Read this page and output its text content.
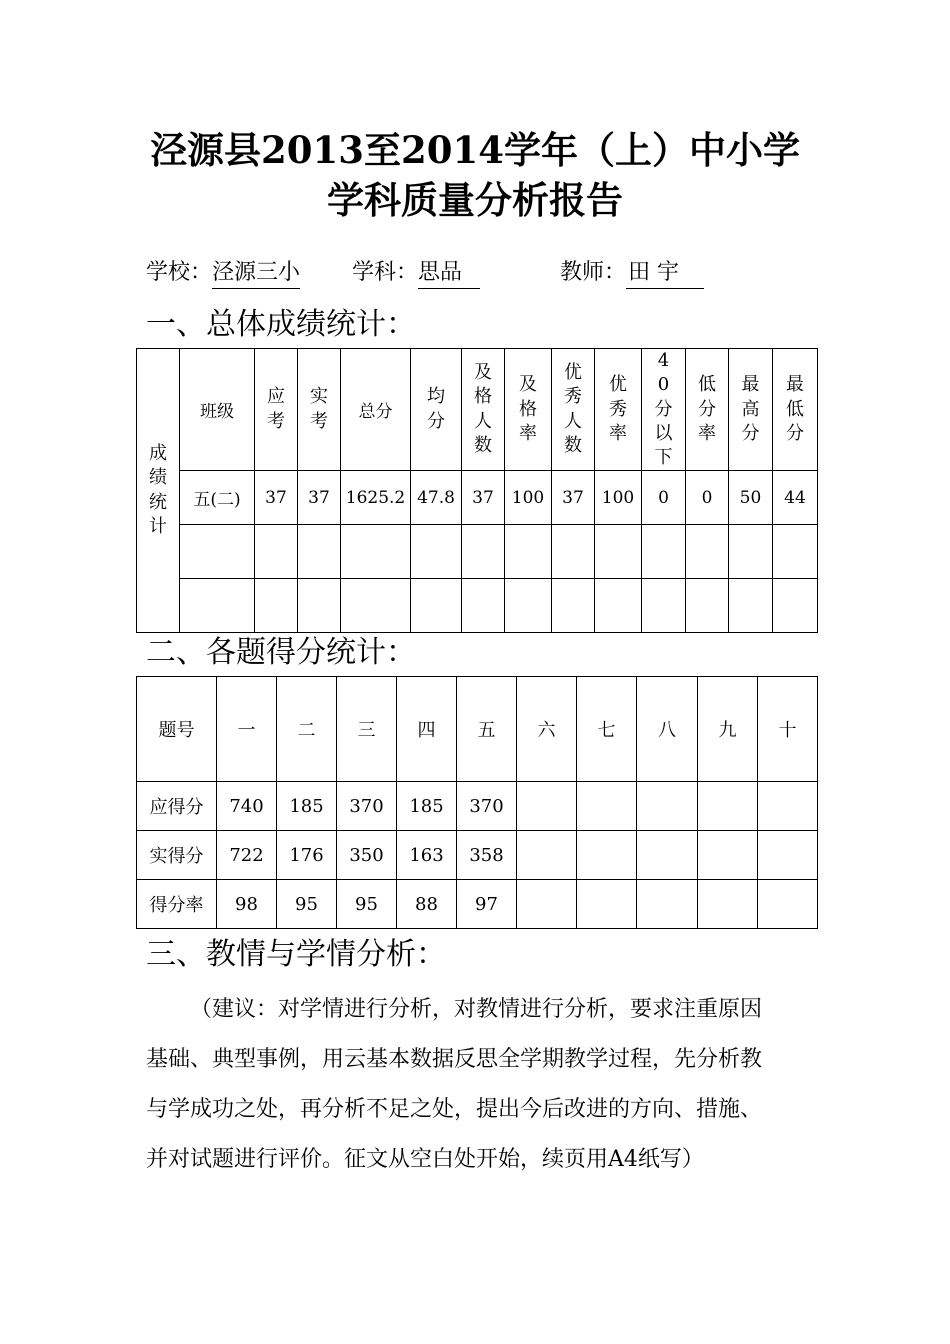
泾源县2013至2014学年（上）中小学
学科质量分析报告
学校：泾源三小 学科：思品	教师：田 宇
一、总体成绩统计：
成绩统计	班级	应考	实考	总分	均分	及格人数	及格率	优秀人数	优秀率	40分以下	低分率	最高分	最低分
	五(二)	37	37	1625.2	47.8	37	100	37	100	0	0	50	44

二、各题得分统计：
题号	一	二	三	四	五	六	七	八	九	十
应得分	740	185	370	185	370					
实得分	722	176	350	163	358					
得分率	98	95	95	88	97					
三、教情与学情分析：

（建议：对学情进行分析，对教情进行分析，要求注重原因

基础、典型事例，用云基本数据反思全学期教学过程，先分析教

与学成功之处，再分析不足之处，提出今后改进的方向、措施、

并对试题进行评价。征文从空白处开始，续页用A4纸写）
